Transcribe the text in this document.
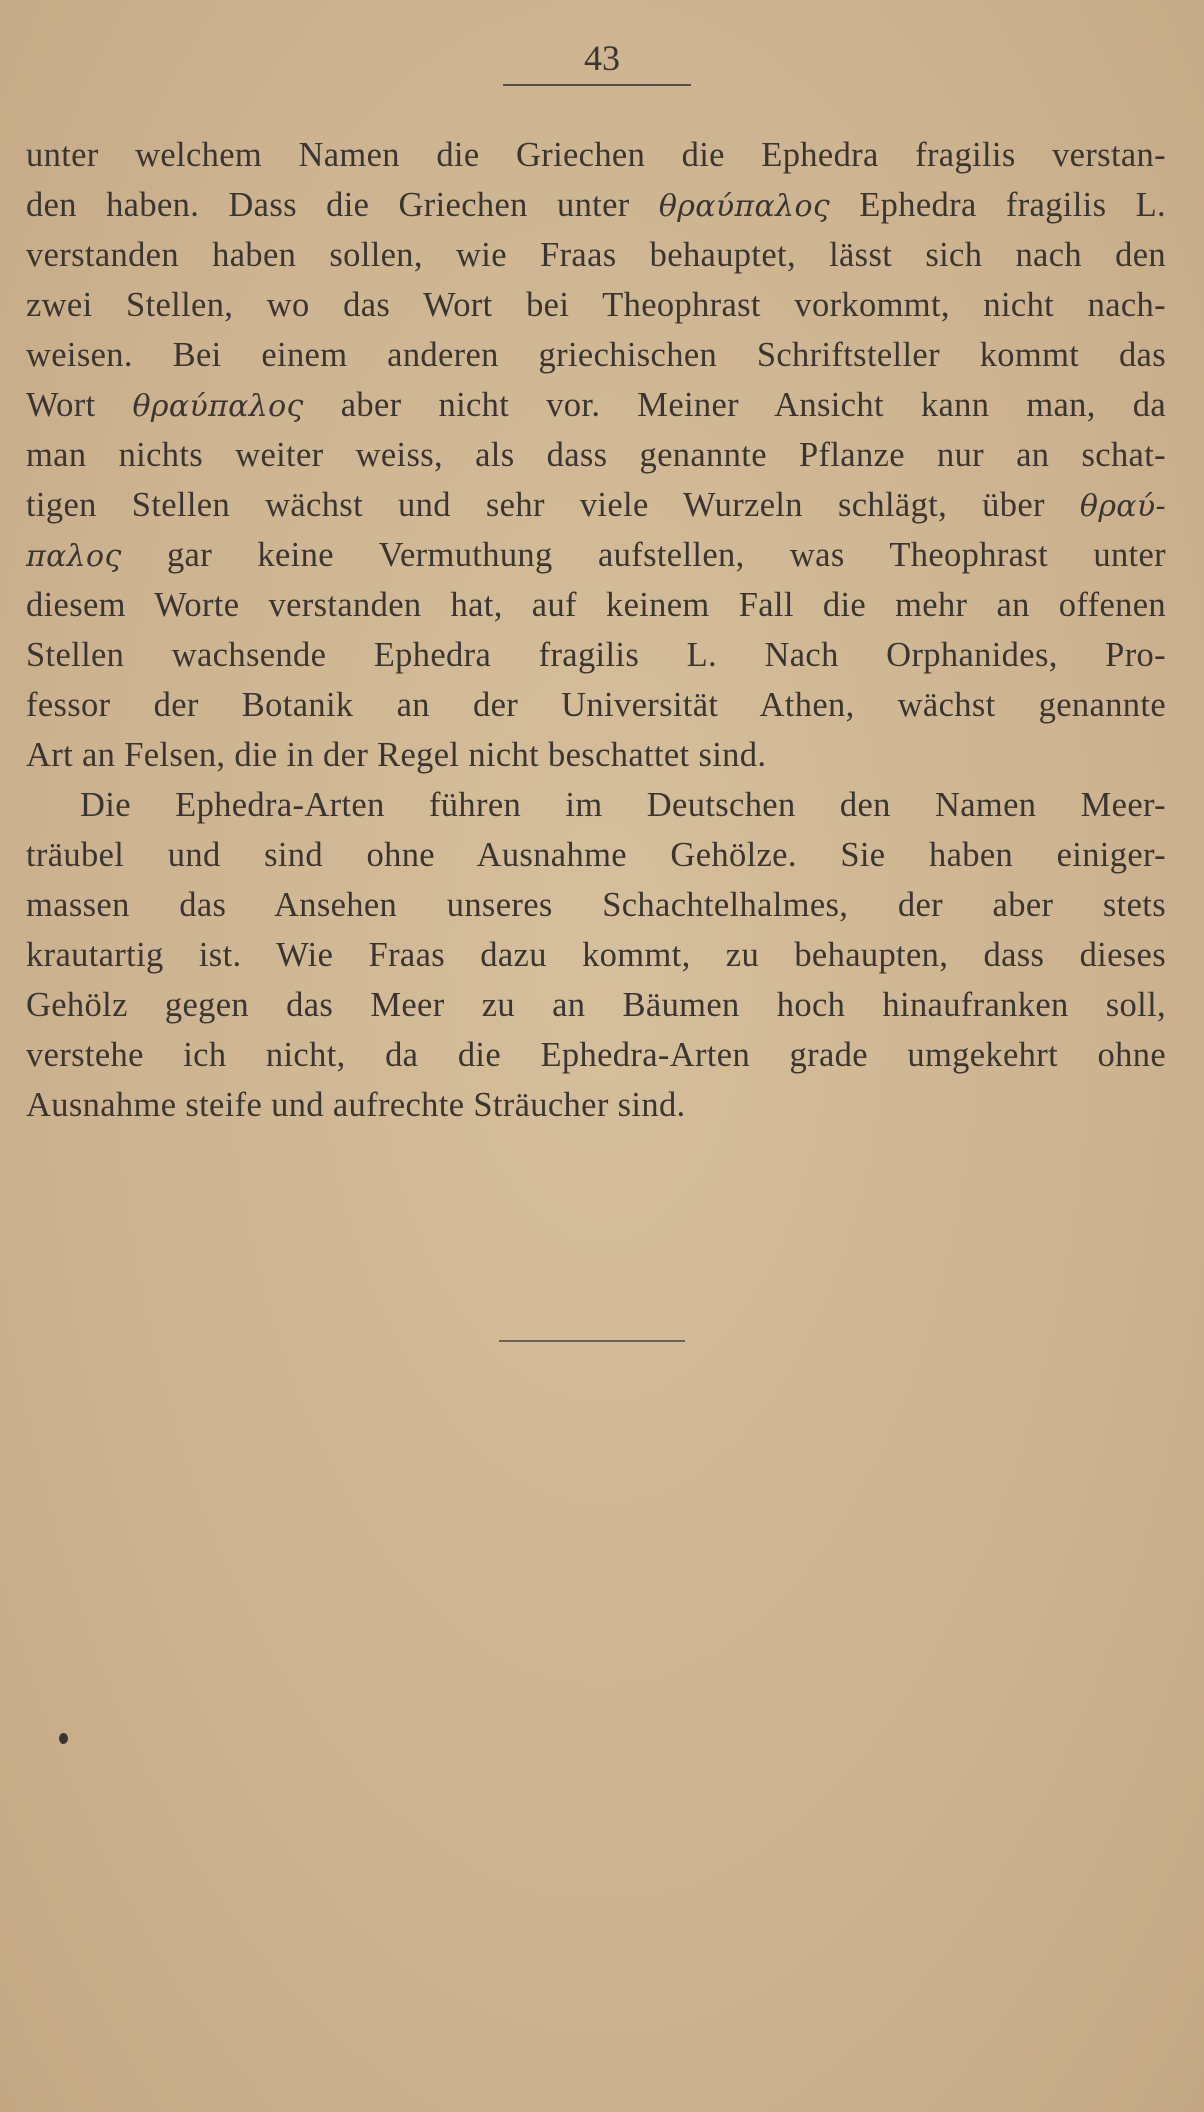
43
unter welchem Namen die Griechen die Ephedra fragilis verstan-
den haben. Dass die Griechen unter θραύπαλος Ephedra fragilis L.
verstanden haben sollen, wie Fraas behauptet, lässt sich nach den
zwei Stellen, wo das Wort bei Theophrast vorkommt, nicht nach-
weisen. Bei einem anderen griechischen Schriftsteller kommt das
Wort θραύπαλος aber nicht vor. Meiner Ansicht kann man, da
man nichts weiter weiss, als dass genannte Pflanze nur an schat-
tigen Stellen wächst und sehr viele Wurzeln schlägt, über θραύ-
παλος gar keine Vermuthung aufstellen, was Theophrast unter
diesem Worte verstanden hat, auf keinem Fall die mehr an offenen
Stellen wachsende Ephedra fragilis L. Nach Orphanides, Pro-
fessor der Botanik an der Universität Athen, wächst genannte
Art an Felsen, die in der Regel nicht beschattet sind.
Die Ephedra-Arten führen im Deutschen den Namen Meer-
träubel und sind ohne Ausnahme Gehölze. Sie haben einiger-
massen das Ansehen unseres Schachtelhalmes, der aber stets
krautartig ist. Wie Fraas dazu kommt, zu behaupten, dass dieses
Gehölz gegen das Meer zu an Bäumen hoch hinaufranken soll,
verstehe ich nicht, da die Ephedra-Arten grade umgekehrt ohne
Ausnahme steife und aufrechte Sträucher sind.
